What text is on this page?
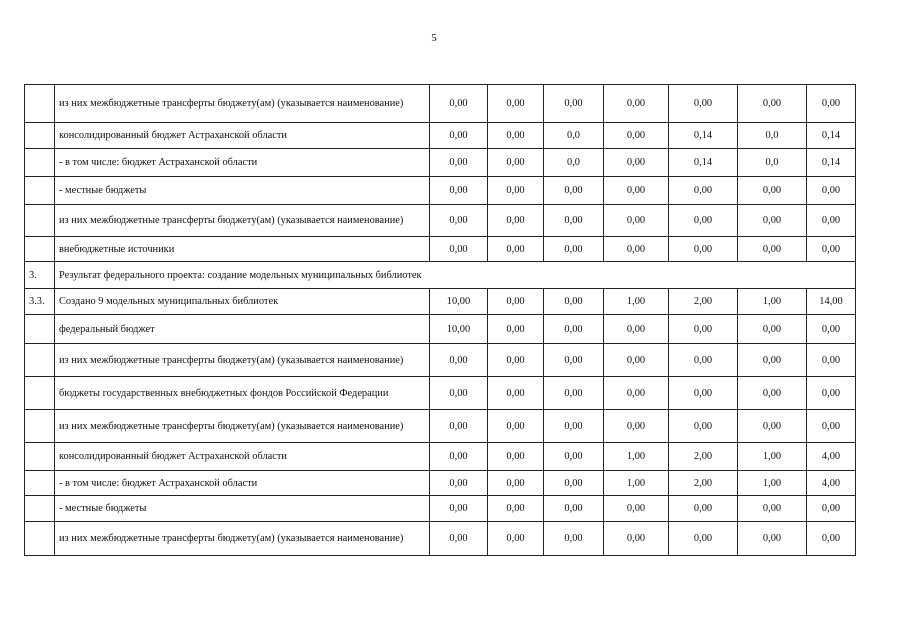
5
	из них межбюджетные трансферты бюджету(ам) (указывается наименование)	0,00	0,00	0,00	0,00	0,00	0,00	0,00
	консолидированный бюджет Астраханской области	0,00	0,00	0,0	0,00	0,14	0,0	0,14
	- в том числе: бюджет Астраханской области	0,00	0,00	0,0	0,00	0,14	0,0	0,14
	- местные бюджеты	0,00	0,00	0,00	0,00	0,00	0,00	0,00
	из них межбюджетные трансферты бюджету(ам) (указывается наименование)	0,00	0,00	0,00	0,00	0,00	0,00	0,00
	внебюджетные источники	0,00	0,00	0,00	0,00	0,00	0,00	0,00
3.	Результат федерального проекта: создание модельных муниципальных библиотек							
3.3.	Создано 9 модельных муниципальных библиотек	10,00	0,00	0,00	1,00	2,00	1,00	14,00
	федеральный бюджет	10,00	0,00	0,00	0,00	0,00	0,00	0,00
	из них межбюджетные трансферты бюджету(ам) (указывается наименование)	0,00	0,00	0,00	0,00	0,00	0,00	0,00
	бюджеты государственных внебюджетных фондов Российской Федерации	0,00	0,00	0,00	0,00	0,00	0,00	0,00
	из них межбюджетные трансферты бюджету(ам) (указывается наименование)	0,00	0,00	0,00	0,00	0,00	0,00	0,00
	консолидированный бюджет Астраханской области	0,00	0,00	0,00	1,00	2,00	1,00	4,00
	- в том числе: бюджет Астраханской области	0,00	0,00	0,00	1,00	2,00	1,00	4,00
	- местные бюджеты	0,00	0,00	0,00	0,00	0,00	0,00	0,00
	из них межбюджетные трансферты бюджету(ам) (указывается наименование)	0,00	0,00	0,00	0,00	0,00	0,00	0,00
